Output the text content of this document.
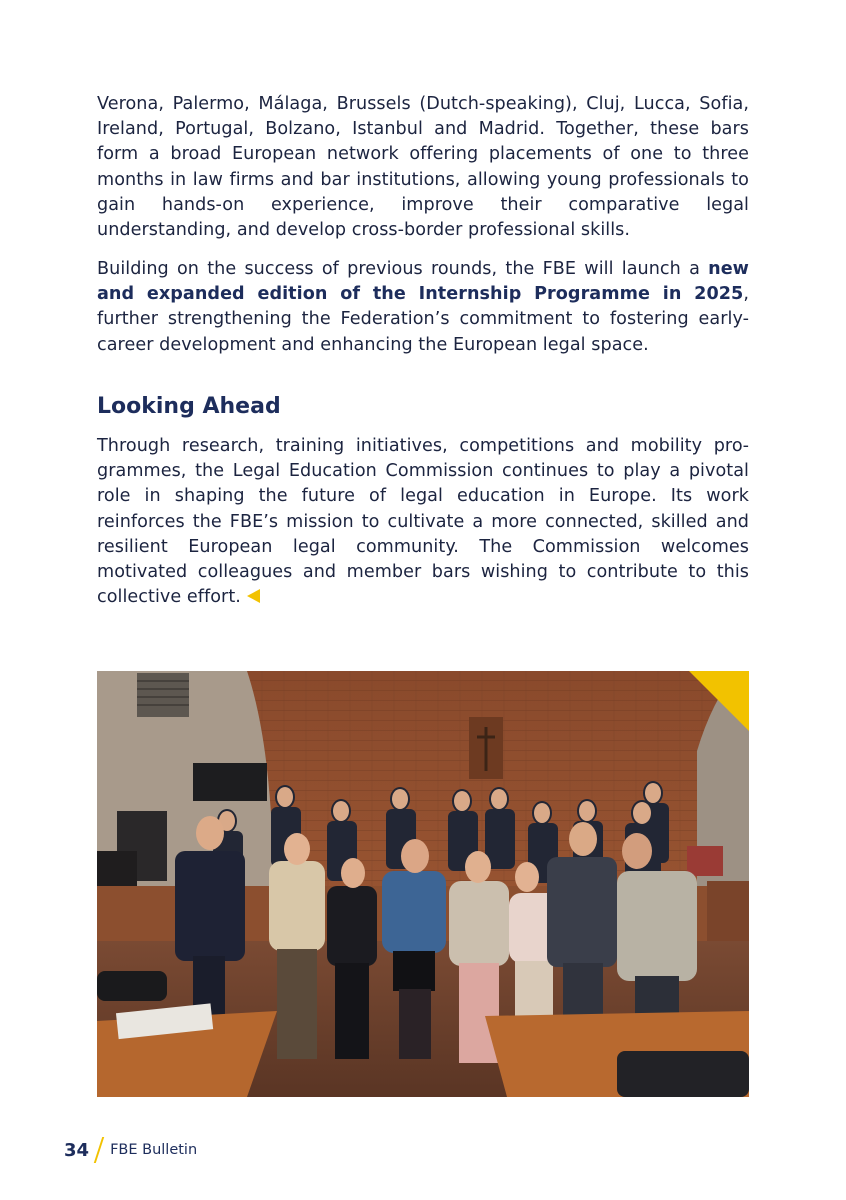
Verona, Palermo, Málaga, Brussels (Dutch-speaking), Cluj, Lucca, Sofia, Ireland, Portugal, Bolzano, Istanbul and Madrid. Together, these bars form a broad European network offering placements of one to three months in law firms and bar institutions, allowing young professionals to gain hands-on experience, improve their comparative legal understanding, and develop cross-border professional skills.

Building on the success of previous rounds, the FBE will launch a new and expanded edition of the Internship Programme in 2025, further strengthening the Federation’s commitment to fostering early-career development and enhancing the European legal space.

Looking Ahead

Through research, training initiatives, competitions and mobility programmes, the Legal Education Commission continues to play a pivotal role in shaping the future of legal education in Europe. Its work reinforces the FBE’s mission to cultivate a more connected, skilled and resilient European legal community. The Commission welcomes motivated colleagues and member bars wishing to contribute to this collective effort.

34 FBE Bulletin
